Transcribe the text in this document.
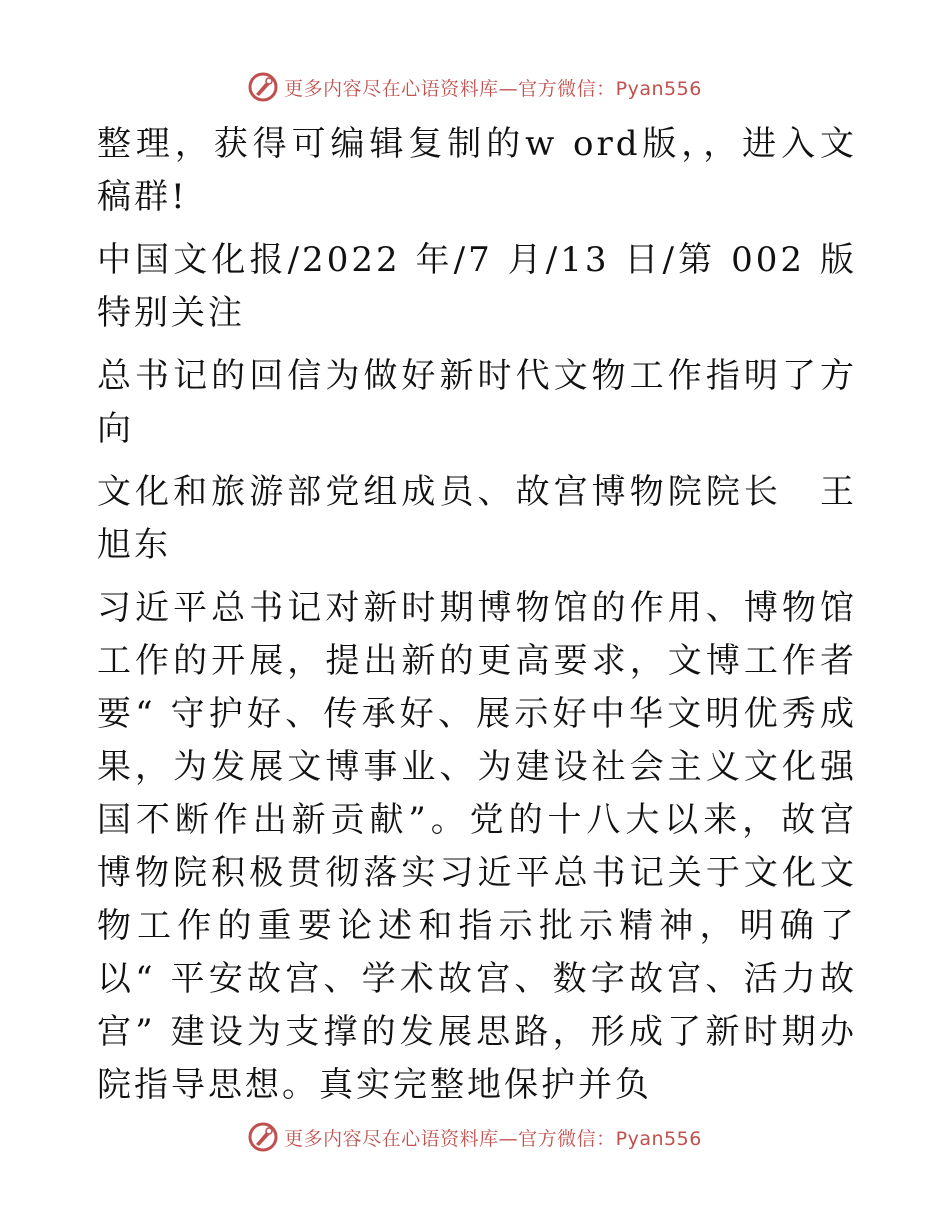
更多内容尽在心语资料库—官方微信：Pyan556

整理，获得可编辑复制的w ord版，，进入文稿群!

中国文化报/2022 年/7 月/13 日/第 002 版特别关注

总书记的回信为做好新时代文物工作指明了方向

文化和旅游部党组成员、故宫博物院院长　王旭东

习近平总书记对新时期博物馆的作用、博物馆工作的开展，提出新的更高要求，文博工作者要“ 守护好、传承好、展示好中华文明优秀成果，为发展文博事业、为建设社会主义文化强国不断作出新贡献”。党的十八大以来，故宫博物院积极贯彻落实习近平总书记关于文化文物工作的重要论述和指示批示精神，明确了以“ 平安故宫、学术故宫、数字故宫、活力故宫” 建设为支撑的发展思路，形成了新时期办院指导思想。真实完整地保护并负

更多内容尽在心语资料库—官方微信：Pyan556
